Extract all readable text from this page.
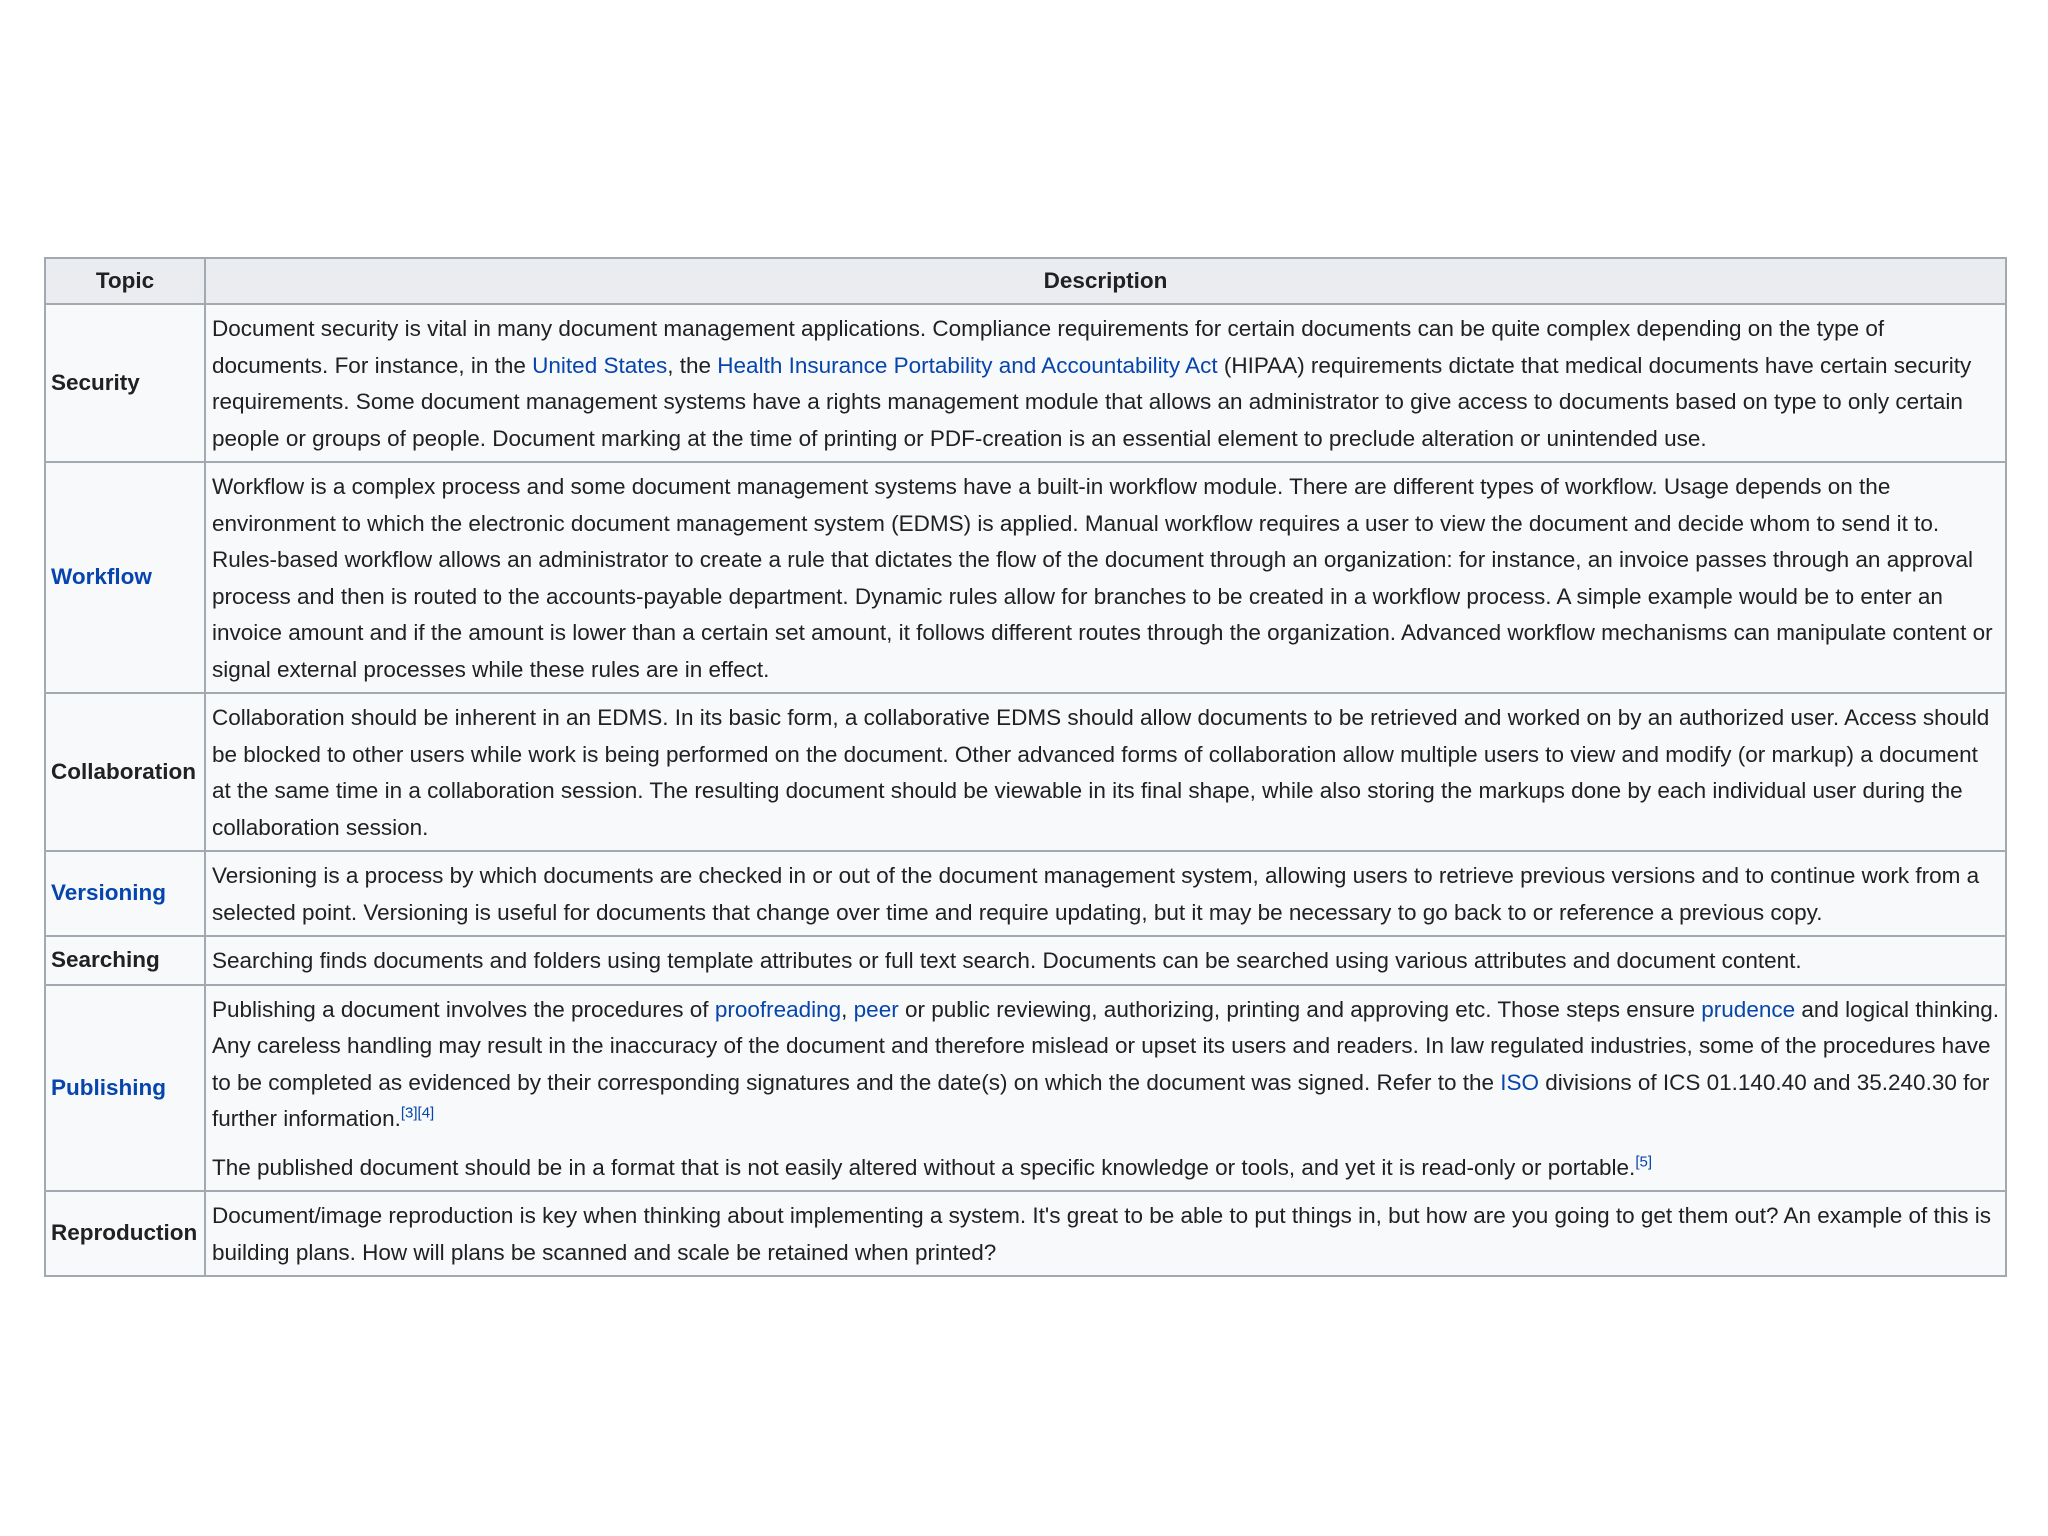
Topic	Description
Security	Document security is vital in many document management applications. Compliance requirements for certain documents can be quite complex depending on the type of documents. For instance, in the United States, the Health Insurance Portability and Accountability Act (HIPAA) requirements dictate that medical documents have certain security requirements. Some document management systems have a rights management module that allows an administrator to give access to documents based on type to only certain people or groups of people. Document marking at the time of printing or PDF-creation is an essential element to preclude alteration or unintended use.
Workflow	Workflow is a complex process and some document management systems have a built-in workflow module. There are different types of workflow. Usage depends on the environment to which the electronic document management system (EDMS) is applied. Manual workflow requires a user to view the document and decide whom to send it to. Rules-based workflow allows an administrator to create a rule that dictates the flow of the document through an organization: for instance, an invoice passes through an approval process and then is routed to the accounts-payable department. Dynamic rules allow for branches to be created in a workflow process. A simple example would be to enter an invoice amount and if the amount is lower than a certain set amount, it follows different routes through the organization. Advanced workflow mechanisms can manipulate content or signal external processes while these rules are in effect.
Collaboration	Collaboration should be inherent in an EDMS. In its basic form, a collaborative EDMS should allow documents to be retrieved and worked on by an authorized user. Access should be blocked to other users while work is being performed on the document. Other advanced forms of collaboration allow multiple users to view and modify (or markup) a document at the same time in a collaboration session. The resulting document should be viewable in its final shape, while also storing the markups done by each individual user during the collaboration session.
Versioning	Versioning is a process by which documents are checked in or out of the document management system, allowing users to retrieve previous versions and to continue work from a selected point. Versioning is useful for documents that change over time and require updating, but it may be necessary to go back to or reference a previous copy.
Searching	Searching finds documents and folders using template attributes or full text search. Documents can be searched using various attributes and document content.
Publishing	Publishing a document involves the procedures of proofreading, peer or public reviewing, authorizing, printing and approving etc. Those steps ensure prudence and logical thinking. Any careless handling may result in the inaccuracy of the document and therefore mislead or upset its users and readers. In law regulated industries, some of the procedures have to be completed as evidenced by their corresponding signatures and the date(s) on which the document was signed. Refer to the ISO divisions of ICS 01.140.40 and 35.240.30 for further information.[3][4]

The published document should be in a format that is not easily altered without a specific knowledge or tools, and yet it is read-only or portable.[5]

Reproduction	Document/image reproduction is key when thinking about implementing a system. It's great to be able to put things in, but how are you going to get them out? An example of this is building plans. How will plans be scanned and scale be retained when printed?
